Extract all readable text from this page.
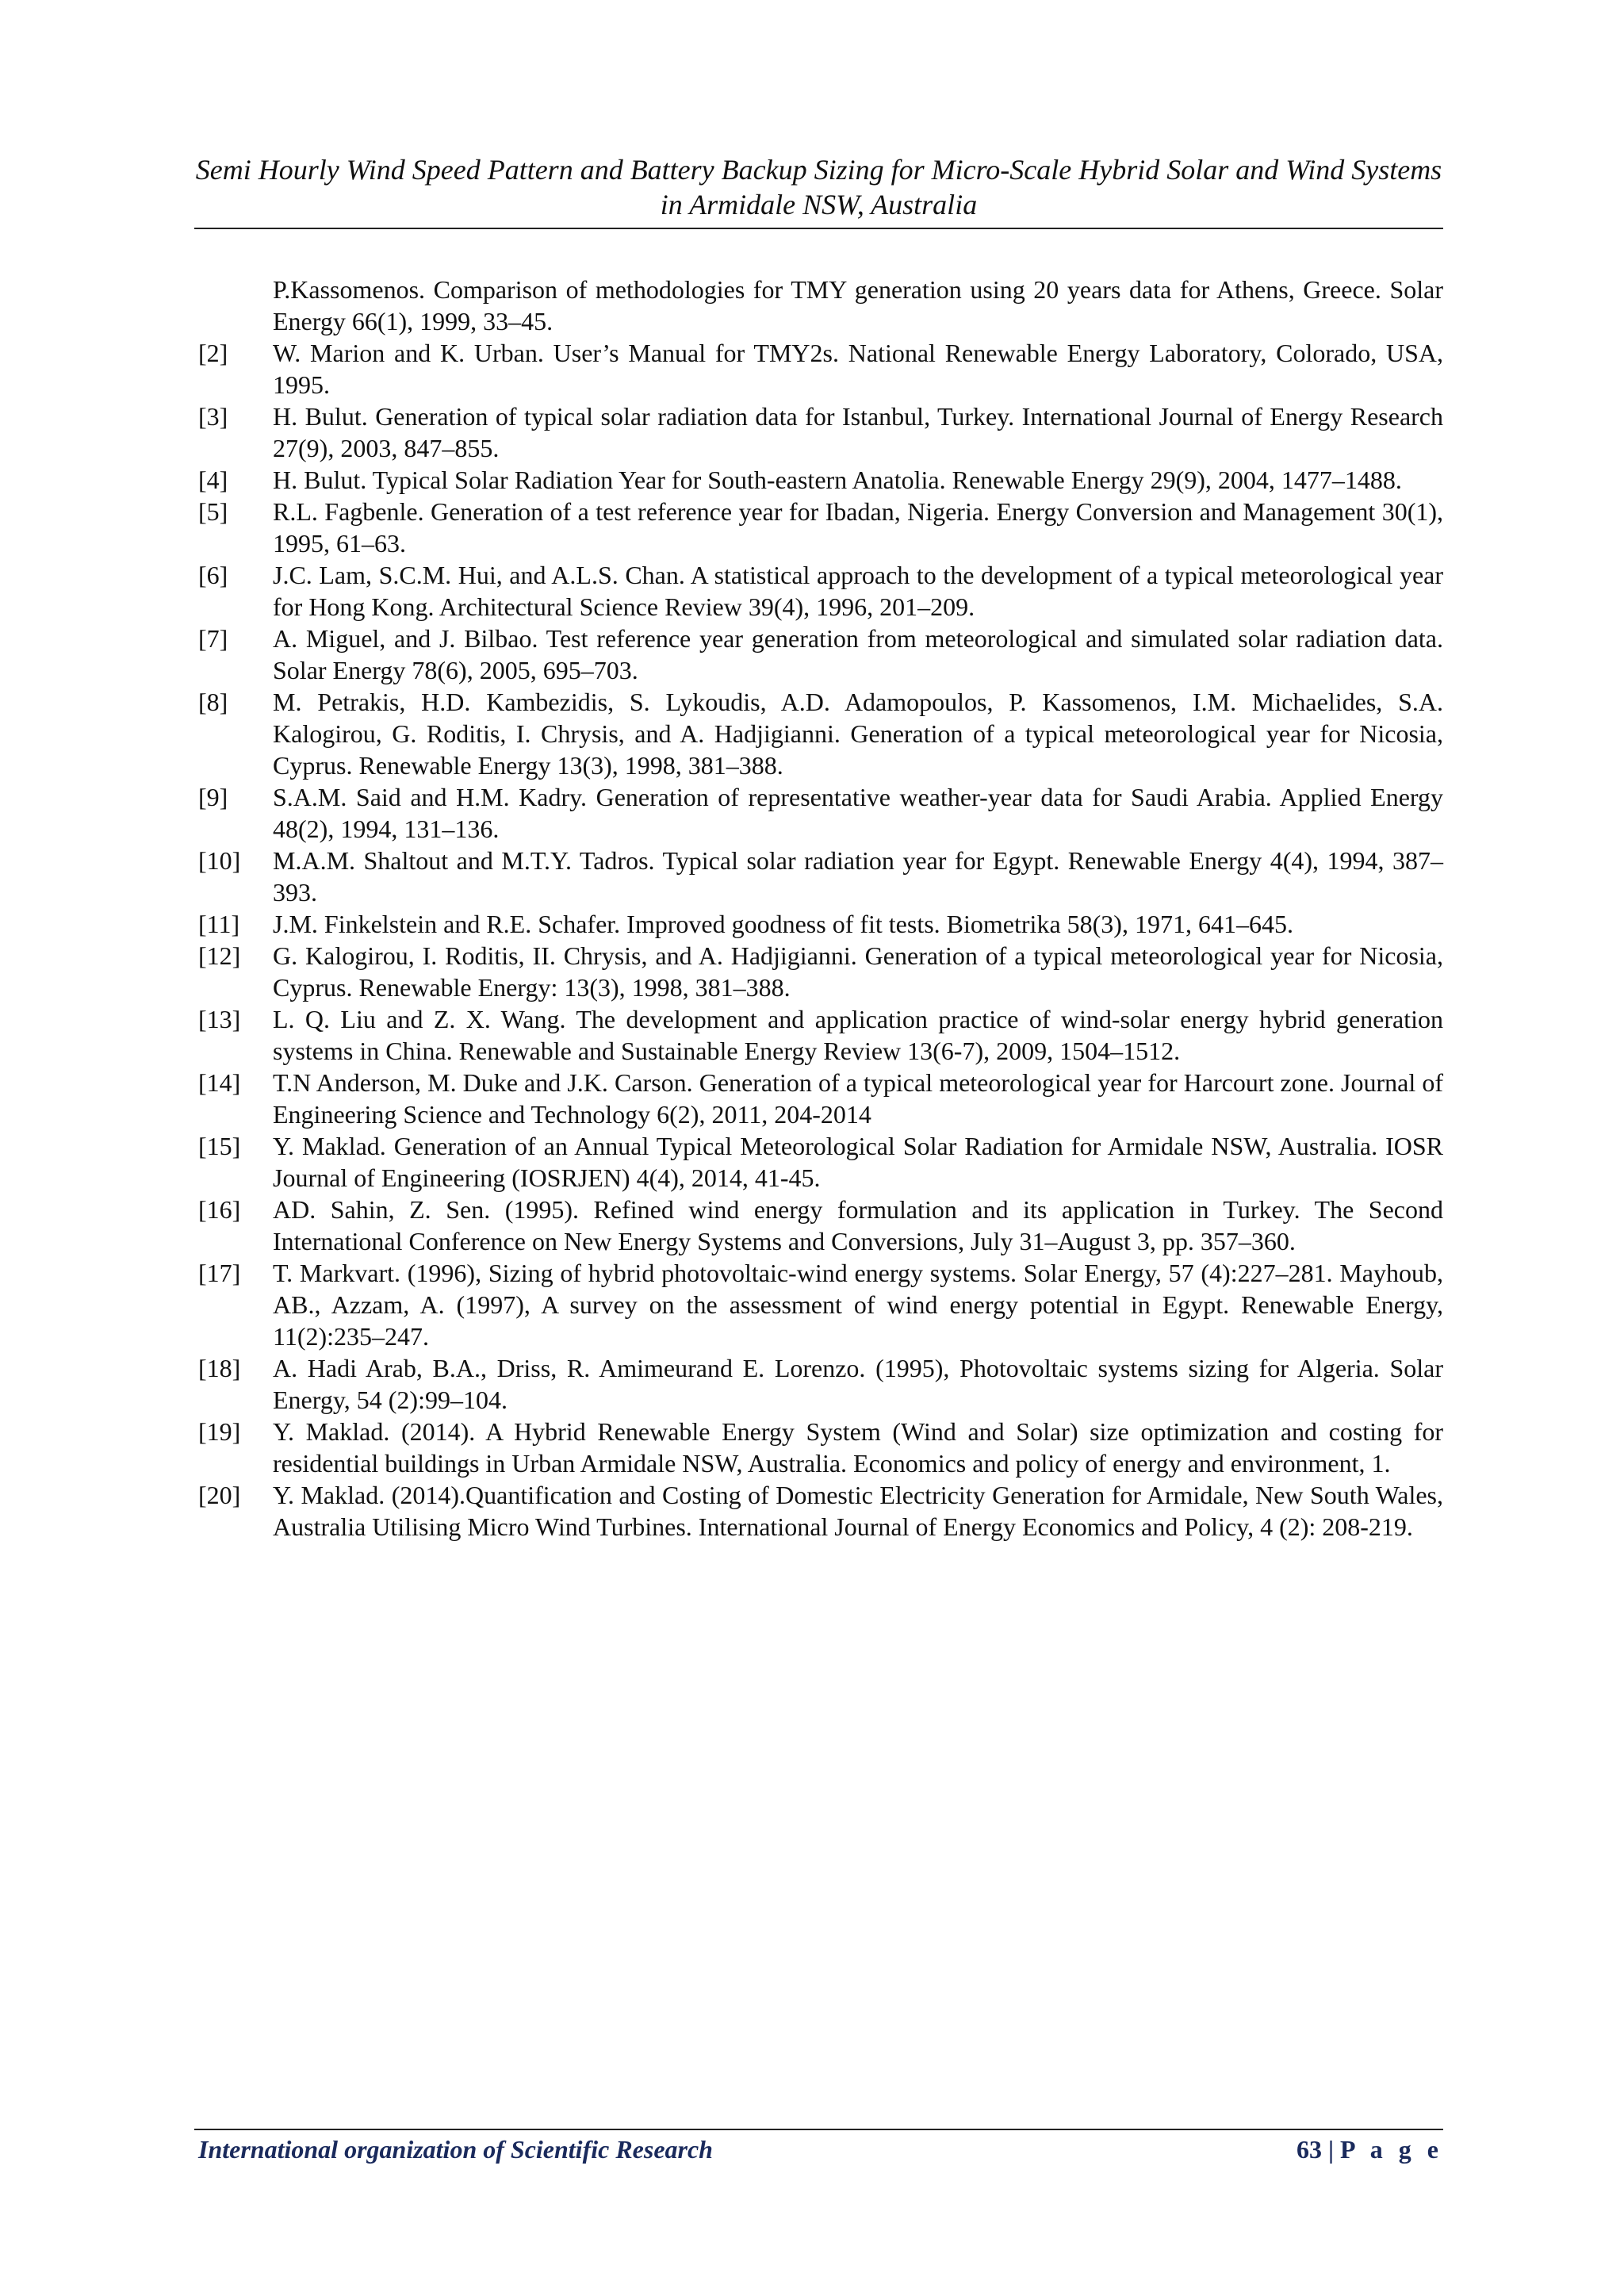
Semi Hourly Wind Speed Pattern and Battery Backup Sizing for Micro-Scale Hybrid Solar and Wind Systems in Armidale NSW, Australia
P.Kassomenos. Comparison of methodologies for TMY generation using 20 years data for Athens, Greece. Solar Energy 66(1), 1999, 33–45.
[2]	W. Marion and K. Urban. User’s Manual for TMY2s. National Renewable Energy Laboratory, Colorado, USA, 1995.
[3]	H. Bulut. Generation of typical solar radiation data for Istanbul, Turkey. International Journal of Energy Research 27(9), 2003, 847–855.
[4]	H. Bulut. Typical Solar Radiation Year for South-eastern Anatolia. Renewable Energy 29(9), 2004, 1477–1488.
[5]	R.L. Fagbenle. Generation of a test reference year for Ibadan, Nigeria. Energy Conversion and Management 30(1), 1995, 61–63.
[6]	J.C. Lam, S.C.M. Hui, and A.L.S. Chan. A statistical approach to the development of a typical meteorological year for Hong Kong. Architectural Science Review 39(4), 1996, 201–209.
[7]	A. Miguel, and J. Bilbao. Test reference year generation from meteorological and simulated solar radiation data. Solar Energy 78(6), 2005, 695–703.
[8]	M. Petrakis, H.D. Kambezidis, S. Lykoudis, A.D. Adamopoulos, P. Kassomenos, I.M. Michaelides, S.A. Kalogirou, G. Roditis, I. Chrysis, and A. Hadjigianni. Generation of a typical meteorological year for Nicosia, Cyprus. Renewable Energy 13(3), 1998, 381–388.
[9]	S.A.M. Said and H.M. Kadry. Generation of representative weather-year data for Saudi Arabia. Applied Energy 48(2), 1994, 131–136.
[10]	M.A.M. Shaltout and M.T.Y. Tadros. Typical solar radiation year for Egypt. Renewable Energy 4(4), 1994, 387–393.
[11]	J.M. Finkelstein and R.E. Schafer. Improved goodness of fit tests. Biometrika 58(3), 1971, 641–645.
[12]	G. Kalogirou, I. Roditis, II. Chrysis, and A. Hadjigianni. Generation of a typical meteorological year for Nicosia, Cyprus. Renewable Energy: 13(3), 1998, 381–388.
[13]	L. Q. Liu and Z. X. Wang. The development and application practice of wind-solar energy hybrid generation systems in China. Renewable and Sustainable Energy Review 13(6-7), 2009, 1504–1512.
[14]	T.N Anderson, M. Duke and J.K. Carson. Generation of a typical meteorological year for Harcourt zone. Journal of Engineering Science and Technology 6(2), 2011, 204-2014
[15]	Y. Maklad. Generation of an Annual Typical Meteorological Solar Radiation for Armidale NSW, Australia. IOSR Journal of Engineering (IOSRJEN) 4(4), 2014, 41-45.
[16]	AD. Sahin, Z. Sen. (1995). Refined wind energy formulation and its application in Turkey. The Second International Conference on New Energy Systems and Conversions, July 31–August 3, pp. 357–360.
[17]	T. Markvart. (1996), Sizing of hybrid photovoltaic-wind energy systems. Solar Energy, 57 (4):227–281. Mayhoub, AB., Azzam, A. (1997), A survey on the assessment of wind energy potential in Egypt. Renewable Energy, 11(2):235–247.
[18]	A. Hadi Arab, B.A., Driss, R. Amimeurand E. Lorenzo. (1995), Photovoltaic systems sizing for Algeria. Solar Energy, 54 (2):99–104.
[19]	Y. Maklad. (2014). A Hybrid Renewable Energy System (Wind and Solar) size optimization and costing for residential buildings in Urban Armidale NSW, Australia. Economics and policy of energy and environment, 1.
[20]	Y. Maklad. (2014).Quantification and Costing of Domestic Electricity Generation for Armidale, New South Wales, Australia Utilising Micro Wind Turbines. International Journal of Energy Economics and Policy, 4 (2): 208-219.
International organization of Scientific Research	63 | P a g e
